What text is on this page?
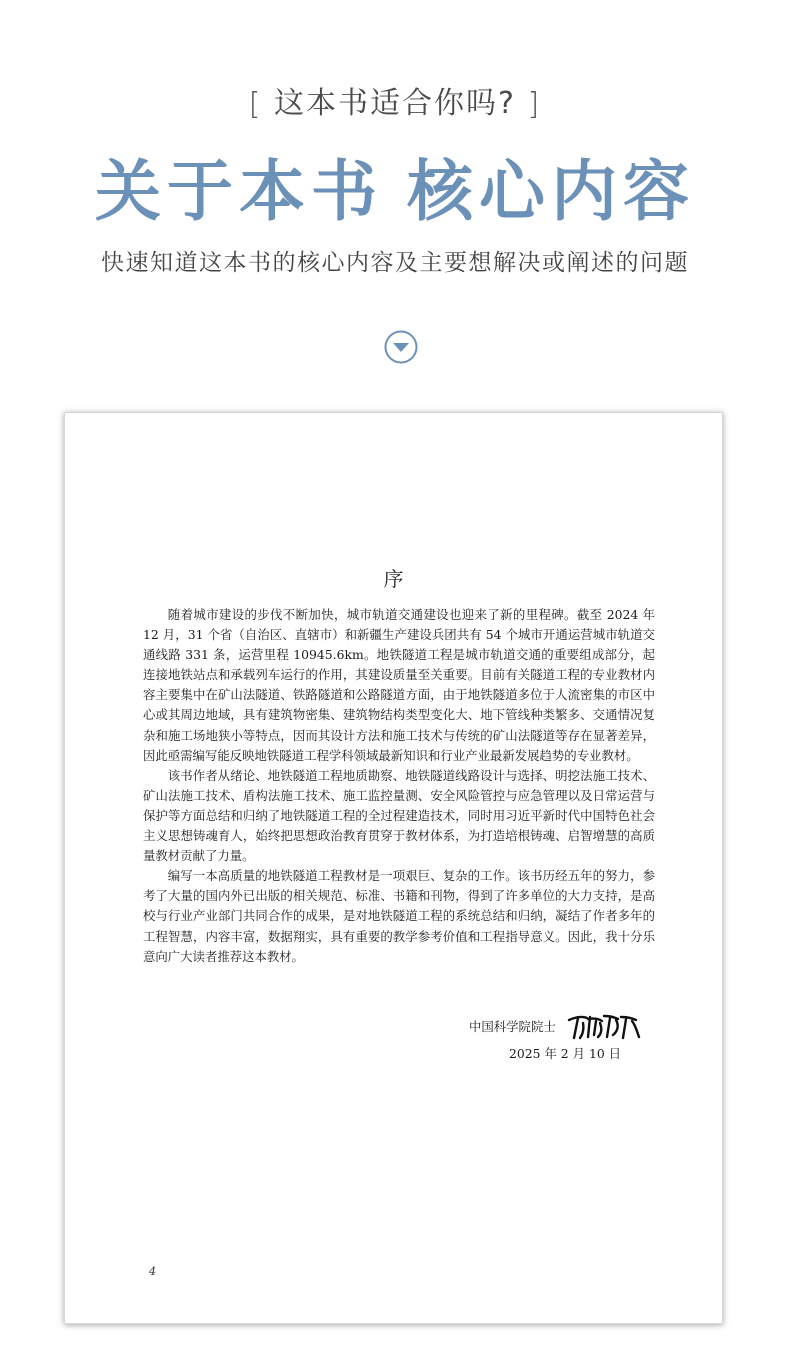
[ 这本书适合你吗? ]
关于本书 核心内容
快速知道这本书的核心内容及主要想解决或阐述的问题
序

随着城市建设的步伐不断加快，城市轨道交通建设也迎来了新的里程碑。截至 2024 年 12 月，31 个省（自治区、直辖市）和新疆生产建设兵团共有 54 个城市开通运营城市轨道交通线路 331 条，运营里程 10945.6km。地铁隧道工程是城市轨道交通的重要组成部分，起连接地铁站点和承载列车运行的作用，其建设质量至关重要。目前有关隧道工程的专业教材内容主要集中在矿山法隧道、铁路隧道和公路隧道方面，由于地铁隧道多位于人流密集的市区中心或其周边地域，具有建筑物密集、建筑物结构类型变化大、地下管线种类繁多、交通情况复杂和施工场地狭小等特点，因而其设计方法和施工技术与传统的矿山法隧道等存在显著差异，因此亟需编写能反映地铁隧道工程学科领域最新知识和行业产业最新发展趋势的专业教材。

该书作者从绪论、地铁隧道工程地质勘察、地铁隧道线路设计与选择、明挖法施工技术、矿山法施工技术、盾构法施工技术、施工监控量测、安全风险管控与应急管理以及日常运营与保护等方面总结和归纳了地铁隧道工程的全过程建造技术，同时用习近平新时代中国特色社会主义思想铸魂育人，始终把思想政治教育贯穿于教材体系，为打造培根铸魂、启智增慧的高质量教材贡献了力量。

编写一本高质量的地铁隧道工程教材是一项艰巨、复杂的工作。该书历经五年的努力，参考了大量的国内外已出版的相关规范、标准、书籍和刊物，得到了许多单位的大力支持，是高校与行业产业部门共同合作的成果，是对地铁隧道工程的系统总结和归纳，凝结了作者多年的工程智慧，内容丰富，数据翔实，具有重要的教学参考价值和工程指导意义。因此，我十分乐意向广大读者推荐这本教材。

中国科学院院士
2025 年 2 月 10 日
4
